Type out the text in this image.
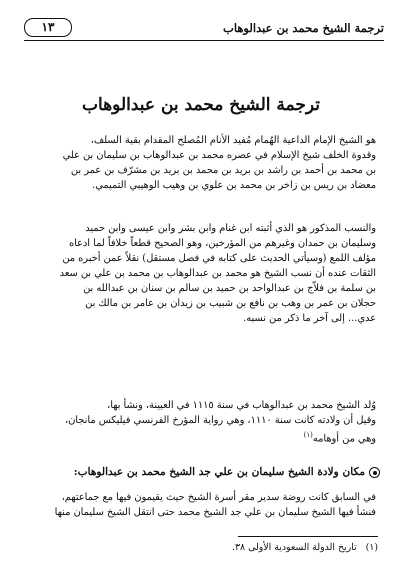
ترجمة الشيخ محمد بن عبدالوهاب
١٣
ترجمة الشيخ محمد بن عبدالوهاب

هو الشيخ الإمام الداعية الهُمام مُفيد الأنام المُصلح المقدام بقية السلف،

وقدوة الخلف شيخ الإسلام في عصره محمد بن عبدالوهاب بن سليمان بن علي

بن محمد بن أحمد بن راشد بن بريد بن محمد بن بريد بن مشرّف بن عمر بن

معضاد بن ريس بن زاخر بن محمد بن علوي بن وهيب الوهيبي التميمي.

والنسب المذكور هو الذي أثبته ابن غنام وابن بشر وابن عيسى وابن حميد

وسليمان بن حمدان وغيرهم من المؤرخين، وهو الصحيح قطعاً خلافاً لما ادعاه

مؤلف اللمع (وسيأتي الحديث على كتابه في فصل مستقل) نقلاً عمن أخبره من

الثقات عنده أن نسب الشيخ هو محمد بن عبدالوهاب بن محمد بن علي بن سعد

بن سلمة بن فلاّج بن عبدالواحد بن حميد بن سالم بن سنان بن عبدالله بن

حجلان بن عمر بن وهب بن نافع بن شبيب بن زيدان بن عامر بن مالك بن

عدي... إلى آخر ما ذكر من نسبه.

وُلد الشيخ محمد بن عبدالوهاب في سنة ١١١٥ في العيينة، ونشأ بها،

وقيل أن ولادته كانت سنة ١١١٠، وهي رواية المؤرخ الفرنسي فيليكس مانجان،

وهي من أوهامه$^{(١)}$

مكان ولادة الشيخ سليمان بن علي جد الشيخ محمد بن عبدالوهاب:

في السابق كانت روضة سدير مقر أسرة الشيخ حيث يقيمون فيها مع جماعتهم،

فنشأ فيها الشيخ سليمان بن علي جد الشيخ محمد حتى انتقل الشيخ سليمان منها

(١) تاريخ الدولة السعودية الأولى ٣٨.
